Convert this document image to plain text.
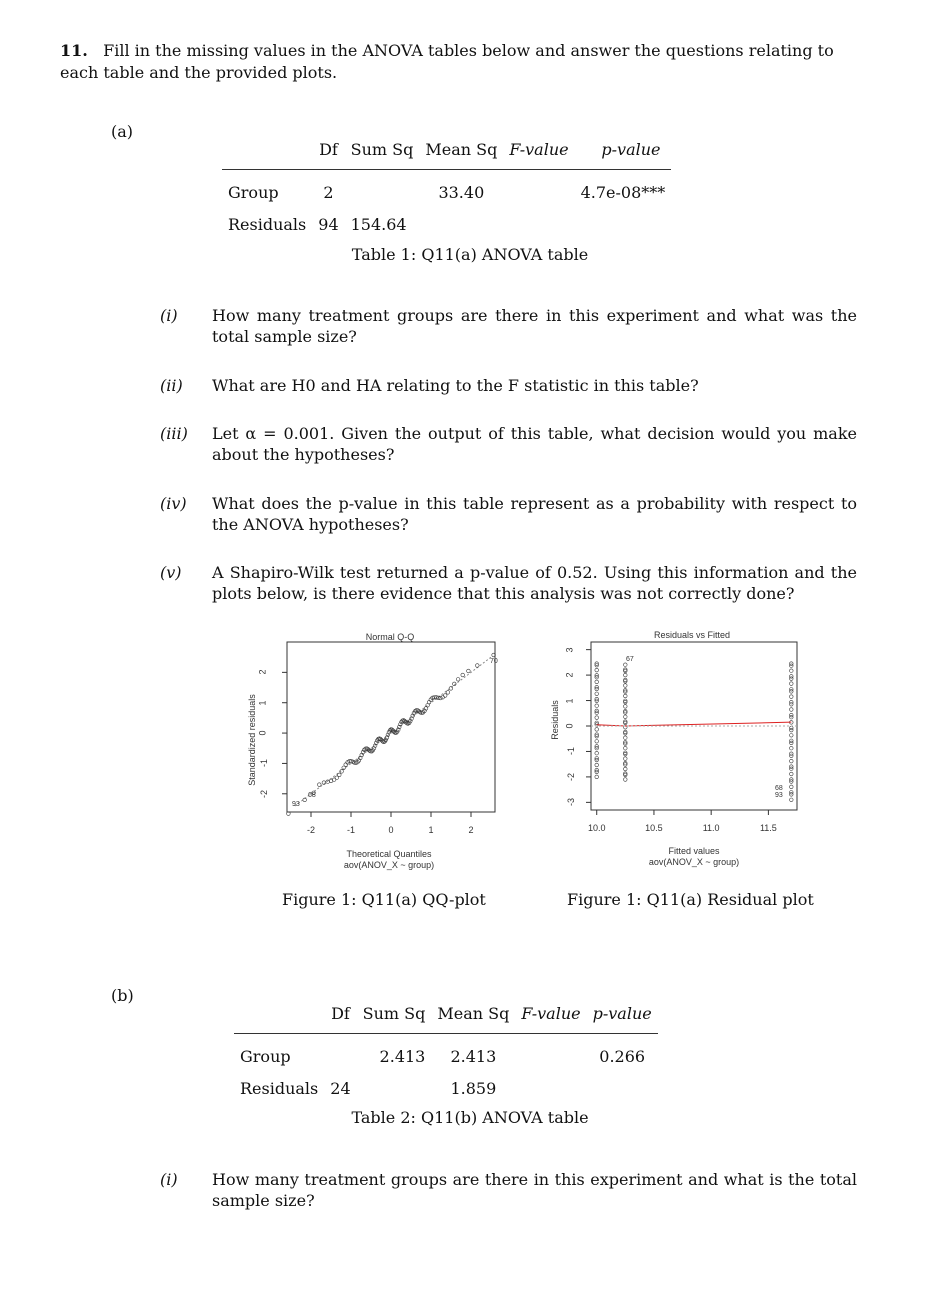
11. Fill in the missing values in the ANOVA tables below and answer the questions relating to each table and the provided plots.
(a)
	Df	Sum Sq	Mean Sq	F-value	p-value
Group	2		33.40		4.7e-08***
Residuals	94	154.64			
Table 1: Q11(a) ANOVA table
(i) How many treatment groups are there in this experiment and what was the total sample size?
(ii) What are H0 and HA relating to the F statistic in this table?
(iii) Let α = 0.001. Given the output of this table, what decision would you make about the hypotheses?
(iv) What does the p-value in this table represent as a probability with respect to the ANOVA hypotheses?
(v) A Shapiro-Wilk test returned a p-value of 0.52. Using this information and the plots below, is there evidence that this analysis was not correctly done?
Normal Q-Q
Standardized residuals
-2	-1	0	1	2
-2
-1
0
1
2
Theoretical Quantiles
aov(ANOV_X ~ group)
70
68
93
Figure 1: Q11(a) QQ-plot
Residuals vs Fitted
Residuals
10.0	10.5	11.0	11.5
-3
-2
-1
0
1
2
3
Fitted values
aov(ANOV_X ~ group)
67
68
93
Figure 1: Q11(a) Residual plot
(b)
	Df	Sum Sq	Mean Sq	F-value	p-value
Group		2.413	2.413		0.266
Residuals	24		1.859		
Table 2: Q11(b) ANOVA table
(i) How many treatment groups are there in this experiment and what is the total sample size?
